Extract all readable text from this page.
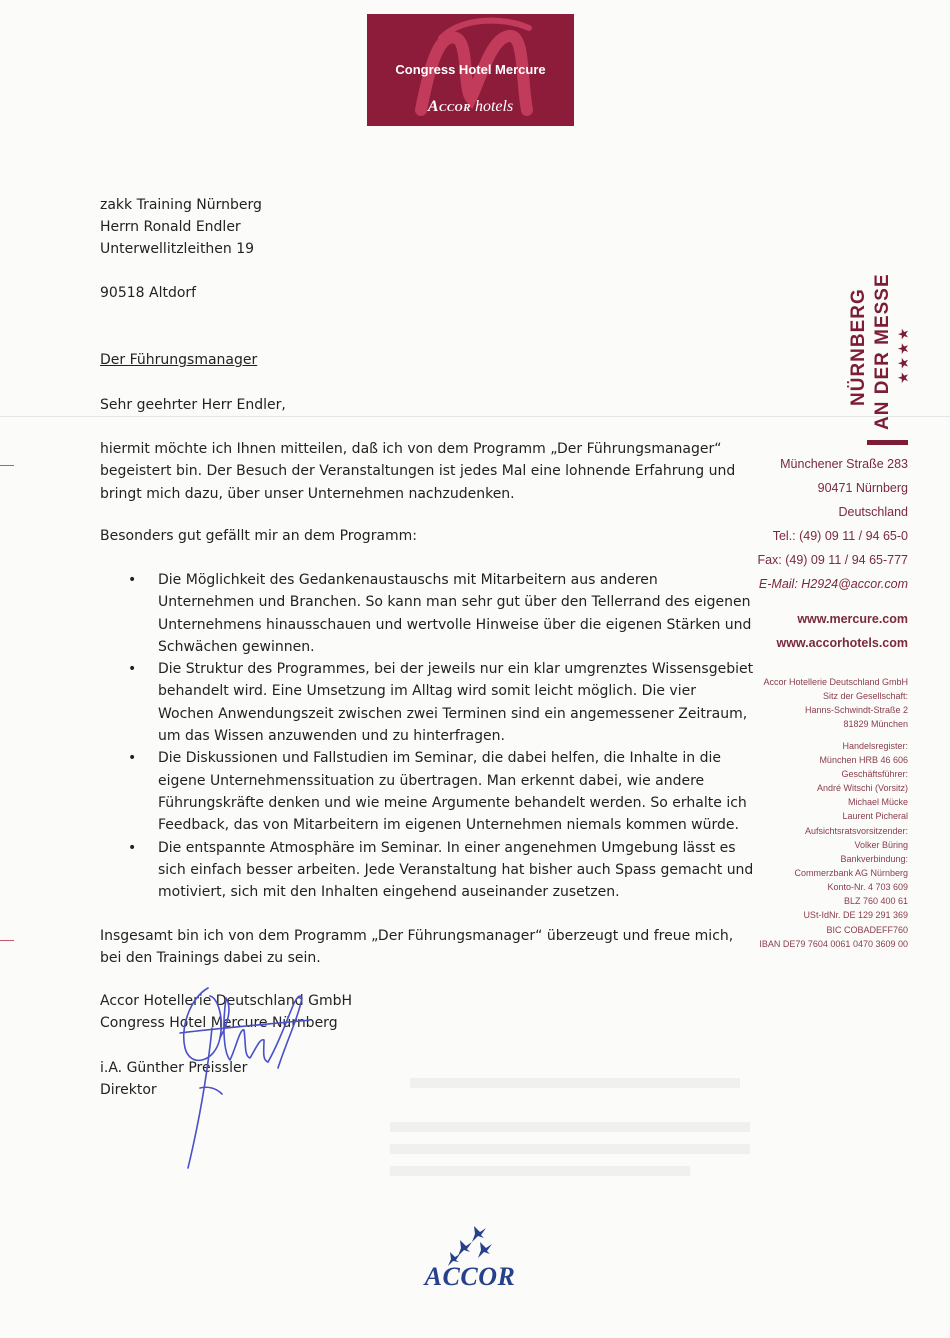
Congress Hotel Mercure
Accor hotels
zakk Training Nürnberg
Herrn Ronald Endler
Unterwellitzleithen 19
90518 Altdorf
Der Führungsmanager
Sehr geehrter Herr Endler,
hiermit möchte ich Ihnen mitteilen, daß ich von dem Programm „Der Führungsmanager“ begeistert bin. Der Besuch der Veranstaltungen ist jedes Mal eine lohnende Erfahrung und bringt mich dazu, über unser Unternehmen nachzudenken.
Besonders gut gefällt mir an dem Programm:
• Die Möglichkeit des Gedankenaustauschs mit Mitarbeitern aus anderen Unternehmen und Branchen. So kann man sehr gut über den Tellerrand des eigenen Unternehmens hinausschauen und wertvolle Hinweise über die eigenen Stärken und Schwächen gewinnen.
• Die Struktur des Programmes, bei der jeweils nur ein klar umgrenztes Wissensgebiet behandelt wird. Eine Umsetzung im Alltag wird somit leicht möglich. Die vier Wochen Anwendungszeit zwischen zwei Terminen sind ein angemessener Zeitraum, um das Wissen anzuwenden und zu hinterfragen.
• Die Diskussionen und Fallstudien im Seminar, die dabei helfen, die Inhalte in die eigene Unternehmenssituation zu übertragen. Man erkennt dabei, wie andere Führungskräfte denken und wie meine Argumente behandelt werden. So erhalte ich Feedback, das von Mitarbeitern im eigenen Unternehmen niemals kommen würde.
• Die entspannte Atmosphäre im Seminar. In einer angenehmen Umgebung lässt es sich einfach besser arbeiten. Jede Veranstaltung hat bisher auch Spass gemacht und motiviert, sich mit den Inhalten eingehend auseinander zusetzen.
Insgesamt bin ich von dem Programm „Der Führungsmanager“ überzeugt und freue mich, bei den Trainings dabei zu sein.
Accor Hotellerie Deutschland GmbH
Congress Hotel Mercure Nürnberg
i.A. Günther Preissler
Direktor
NÜRNBERG AN DER MESSE ★★★★
Münchener Straße 283
90471 Nürnberg
Deutschland
Tel.: (49) 09 11 / 94 65-0
Fax: (49) 09 11 / 94 65-777
E-Mail: H2924@accor.com
www.mercure.com
www.accorhotels.com
Accor Hotellerie Deutschland GmbH
Sitz der Gesellschaft:
Hanns-Schwindt-Straße 2
81829 München
Handelsregister:
München HRB 46 606
Geschäftsführer:
André Witschi (Vorsitz)
Michael Mücke
Laurent Picheral
Aufsichtsratsvorsitzender:
Volker Büring
Bankverbindung:
Commerzbank AG Nürnberg
Konto-Nr. 4 703 609
BLZ 760 400 61
USt-IdNr. DE 129 291 369
BIC COBADEFF760
IBAN DE79 7604 0061 0470 3609 00
ACCOR
